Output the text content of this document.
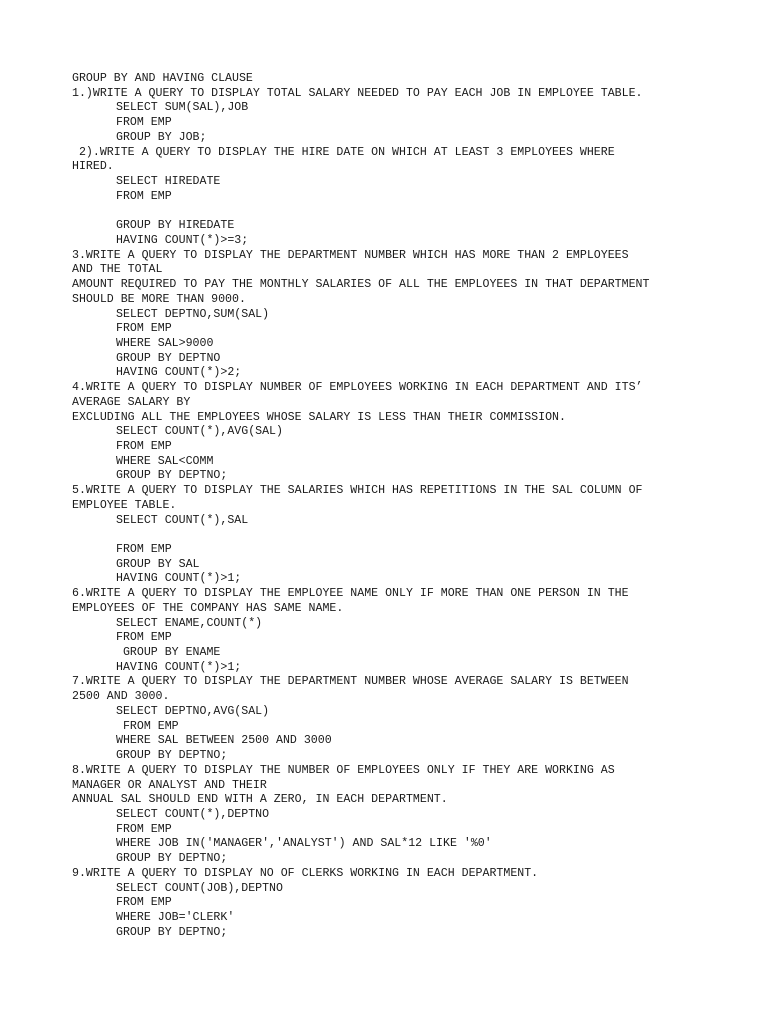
GROUP BY AND HAVING CLAUSE
1.)WRITE A QUERY TO DISPLAY TOTAL SALARY NEEDED TO PAY EACH JOB IN EMPLOYEE TABLE.
SELECT SUM(SAL),JOB
FROM EMP
GROUP BY JOB;
2).WRITE A QUERY TO DISPLAY THE HIRE DATE ON WHICH AT LEAST 3 EMPLOYEES WHERE
HIRED.
SELECT HIREDATE
FROM EMP
GROUP BY HIREDATE
HAVING COUNT(*)>=3;
3.WRITE A QUERY TO DISPLAY THE DEPARTMENT NUMBER WHICH HAS MORE THAN 2 EMPLOYEES
AND THE TOTAL
AMOUNT REQUIRED TO PAY THE MONTHLY SALARIES OF ALL THE EMPLOYEES IN THAT DEPARTMENT
SHOULD BE MORE THAN 9000.
SELECT DEPTNO,SUM(SAL)
FROM EMP
WHERE SAL>9000
GROUP BY DEPTNO
HAVING COUNT(*)>2;
4.WRITE A QUERY TO DISPLAY NUMBER OF EMPLOYEES WORKING IN EACH DEPARTMENT AND ITS’
AVERAGE SALARY BY
EXCLUDING ALL THE EMPLOYEES WHOSE SALARY IS LESS THAN THEIR COMMISSION.
SELECT COUNT(*),AVG(SAL)
FROM EMP
WHERE SAL<COMM
GROUP BY DEPTNO;
5.WRITE A QUERY TO DISPLAY THE SALARIES WHICH HAS REPETITIONS IN THE SAL COLUMN OF
EMPLOYEE TABLE.
SELECT COUNT(*),SAL
FROM EMP
GROUP BY SAL
HAVING COUNT(*)>1;
6.WRITE A QUERY TO DISPLAY THE EMPLOYEE NAME ONLY IF MORE THAN ONE PERSON IN THE
EMPLOYEES OF THE COMPANY HAS SAME NAME.
SELECT ENAME,COUNT(*)
FROM EMP
GROUP BY ENAME
HAVING COUNT(*)>1;
7.WRITE A QUERY TO DISPLAY THE DEPARTMENT NUMBER WHOSE AVERAGE SALARY IS BETWEEN
2500 AND 3000.
SELECT DEPTNO,AVG(SAL)
FROM EMP
WHERE SAL BETWEEN 2500 AND 3000
GROUP BY DEPTNO;
8.WRITE A QUERY TO DISPLAY THE NUMBER OF EMPLOYEES ONLY IF THEY ARE WORKING AS
MANAGER OR ANALYST AND THEIR
ANNUAL SAL SHOULD END WITH A ZERO, IN EACH DEPARTMENT.
SELECT COUNT(*),DEPTNO
FROM EMP
WHERE JOB IN('MANAGER','ANALYST') AND SAL*12 LIKE '%0'
GROUP BY DEPTNO;
9.WRITE A QUERY TO DISPLAY NO OF CLERKS WORKING IN EACH DEPARTMENT.
SELECT COUNT(JOB),DEPTNO
FROM EMP
WHERE JOB='CLERK'
GROUP BY DEPTNO;
